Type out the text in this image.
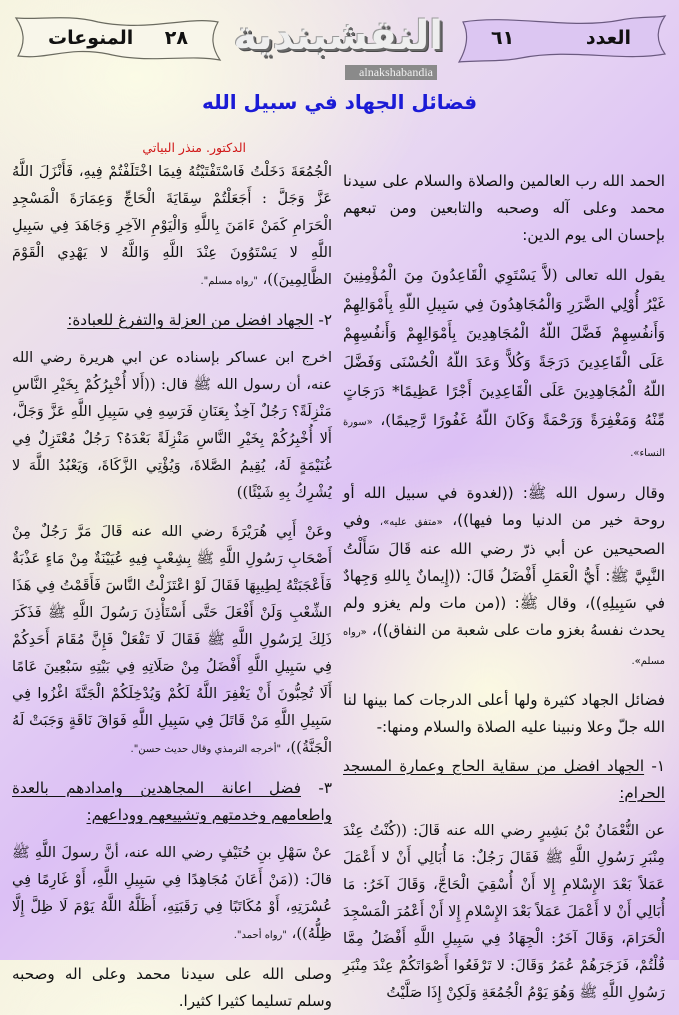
العدد
٦١
النقشبندية
alnakshabandia
٢٨
المنوعات
فضائل الجهاد في سبيل الله

الحمد الله رب العالمين والصلاة والسلام على سيدنا محمد وعلى آله وصحبه والتابعين ومن تبعهم بإحسان الى يوم الدين:

يقول الله تعالى (لاَّ يَسْتَوِي الْقَاعِدُونَ مِنَ الْمُؤْمِنِينَ غَيْرُ أُوْلِي الضَّرَرِ وَالْمُجَاهِدُونَ فِي سَبِيلِ اللّهِ بِأَمْوَالِهِمْ وَأَنفُسِهِمْ فَضَّلَ اللّهُ الْمُجَاهِدِينَ بِأَمْوَالِهِمْ وَأَنفُسِهِمْ عَلَى الْقَاعِدِينَ دَرَجَةً وَكُلاًّ وَعَدَ اللّهُ الْحُسْنَى وَفَضَّلَ اللّهُ الْمُجَاهِدِينَ عَلَى الْقَاعِدِينَ أَجْرًا عَظِيمًا* دَرَجَاتٍ مِّنْهُ وَمَغْفِرَةً وَرَحْمَةً وَكَانَ اللّهُ غَفُورًا رَّحِيمًا)، «سورة النساء».

وقال رسول الله ﷺ: ((لغدوة في سبيل الله أو روحة خير من الدنيا وما فيها))، «متفق عليه»، وفي الصحيحين عن أبي ذرّ رضي الله عنه قَالَ سَأَلْتُ النَّبِيَّ ﷺ: أَيُّ الْعَمَلِ أَفْضَلُ قَالَ: ((إِيمانٌ بِاللهِ وَجِهادٌ في سَبِيلِهِ))، وقال ﷺ: ((من مات ولم يغزو ولم يحدث نفسهُ بغزو مات على شعبة من النفاق))، «رواه مسلم».

فضائل الجهاد كثيرة ولها أعلى الدرجات كما بينها لنا الله جلّ وعلا ونبينا عليه الصلاة والسلام ومنها:-

١- الجهاد افضل من سقاية الحاج وعمارة المسجد الحرام:

عن النُّعْمَانُ بْنُ بَشِيرٍ رضي الله عنه قَالَ: ((كُنْتُ عِنْدَ مِنْبَرِ رَسُولِ اللَّهِ ﷺ فَقَالَ رَجُلٌ: مَا أُبَالِي أَنْ لا أَعْمَلَ عَمَلاً بَعْدَ الإِسْلامِ إِلا أَنْ أُسْقِيَ الْحَاجَّ، وَقَالَ آخَرُ: مَا أُبَالِي أَنْ لا أَعْمَلَ عَمَلاً بَعْدَ الإِسْلامِ إِلا أَنْ أَعْمُرَ الْمَسْجِدَ الْحَرَامَ، وَقَالَ آخَرُ: الْجِهَادُ فِي سَبِيلِ اللَّهِ أَفْضَلُ مِمَّا قُلْتُمْ، فَزَجَرَهُمْ عُمَرُ وَقَالَ: لا تَرْفَعُوا أَصْوَاتَكُمْ عِنْدَ مِنْبَرِ رَسُولِ اللَّهِ ﷺ وَهُوَ يَوْمُ الْجُمُعَةِ وَلَكِنْ إِذَا صَلَّيْتُ

الدكتور. منذر البياتي

الْجُمُعَةَ دَخَلْتُ فَاسْتَفْتَيْتُهُ فِيمَا اخْتَلَفْتُمْ فِيهِ، فَأَنْزَلَ اللَّهُ عَزَّ وَجَلَّ : أَجَعَلْتُمْ سِقَايَةَ الْحَاجِّ وَعِمَارَةَ الْمَسْجِدِ الْحَرَامِ كَمَنْ ءَامَنَ بِاللَّهِ وَالْيَوْمِ الآخِرِ وَجَاهَدَ فِي سَبِيلِ اللَّهِ لا يَسْتَوُونَ عِنْدَ اللَّهِ وَاللَّهُ لا يَهْدِي الْقَوْمَ الظَّالِمِينَ))، "رواه مسلم".

٢- الجهاد افضل من العزلة والتفرغ للعبادة:

اخرج ابن عساكر بإسناده عن ابي هريرة رضي الله عنه، أن رسول الله ﷺ قال: ((أَلا أُخْبِرُكُمْ بِخَيْرِ النَّاسِ مَنْزِلَةً؟ رَجُلٌ آخِذٌ بِعَنَانِ فَرَسِهِ فِي سَبِيلِ اللَّهِ عَزَّ وَجَلَّ، أَلا أُخْبِرُكُمْ بِخَيْرِ النَّاسِ مَنْزِلَةً بَعْدَهُ؟ رَجُلٌ مُعْتَزِلٌ فِي غُنَيْمَةٍ لَهُ، يُقِيمُ الصَّلاةَ، وَيُؤْتِي الزَّكَاةَ، وَيَعْبُدُ اللَّهَ لا يُشْرِكُ بِهِ شَيْئًا))

وعَنْ أَبِي هُرَيْرَةَ رضي الله عنه قَالَ مَرَّ رَجُلٌ مِنْ أَصْحَابِ رَسُولِ اللَّهِ ﷺ بِشِعْبٍ فِيهِ عُيَيْنَةٌ مِنْ مَاءٍ عَذْبَةٌ فَأَعْجَبَتْهُ لِطِيبِهَا فَقَالَ لَوْ اعْتَزَلْتُ النَّاسَ فَأَقَمْتُ فِي هَذَا الشِّعْبِ وَلَنْ أَفْعَلَ حَتَّى أَسْتَأْذِنَ رَسُولَ اللَّهِ ﷺ فَذَكَرَ ذَلِكَ لِرَسُولِ اللَّهِ ﷺ فَقَالَ لَا تَفْعَلْ فَإِنَّ مُقَامَ أَحَدِكُمْ فِي سَبِيلِ اللَّهِ أَفْضَلُ مِنْ صَلَاتِهِ فِي بَيْتِهِ سَبْعِينَ عَامًا أَلَا تُحِبُّونَ أَنْ يَغْفِرَ اللَّهُ لَكُمْ وَيُدْخِلَكُمْ الْجَنَّةَ اغْزُوا فِي سَبِيلِ اللَّهِ مَنْ قَاتَلَ فِي سَبِيلِ اللَّهِ فَوَاقَ نَاقَةٍ وَجَبَتْ لَهُ الْجَنَّةُ))، "أخرجه الترمذي وقال حديث حسن".

٣- فضل اعانة المجاهدين وامدادهم بالعدة واطعامهم وخدمتهم وتشييعهم ووداعهم:

عنْ سَهْلِ بنِ حُنَيْفٍ رضي الله عنه، أنَّ رسولَ اللَّهِ ﷺ قالَ: ((مَنْ أَعَانَ مُجَاهِدًا فِي سَبِيلِ اللَّهِ، أَوْ غَارِمًا فِي عُسْرَتِهِ، أَوْ مُكَاتَبًا فِي رَقَبَتِهِ، أَظَلَّهُ اللَّهُ يَوْمَ لَا ظِلَّ إِلَّا ظِلُّهُ))، "رواه أحمد".

وصلى الله على سيدنا محمد وعلى اله وصحبه وسلم تسليما كثيرا كثيرا.
